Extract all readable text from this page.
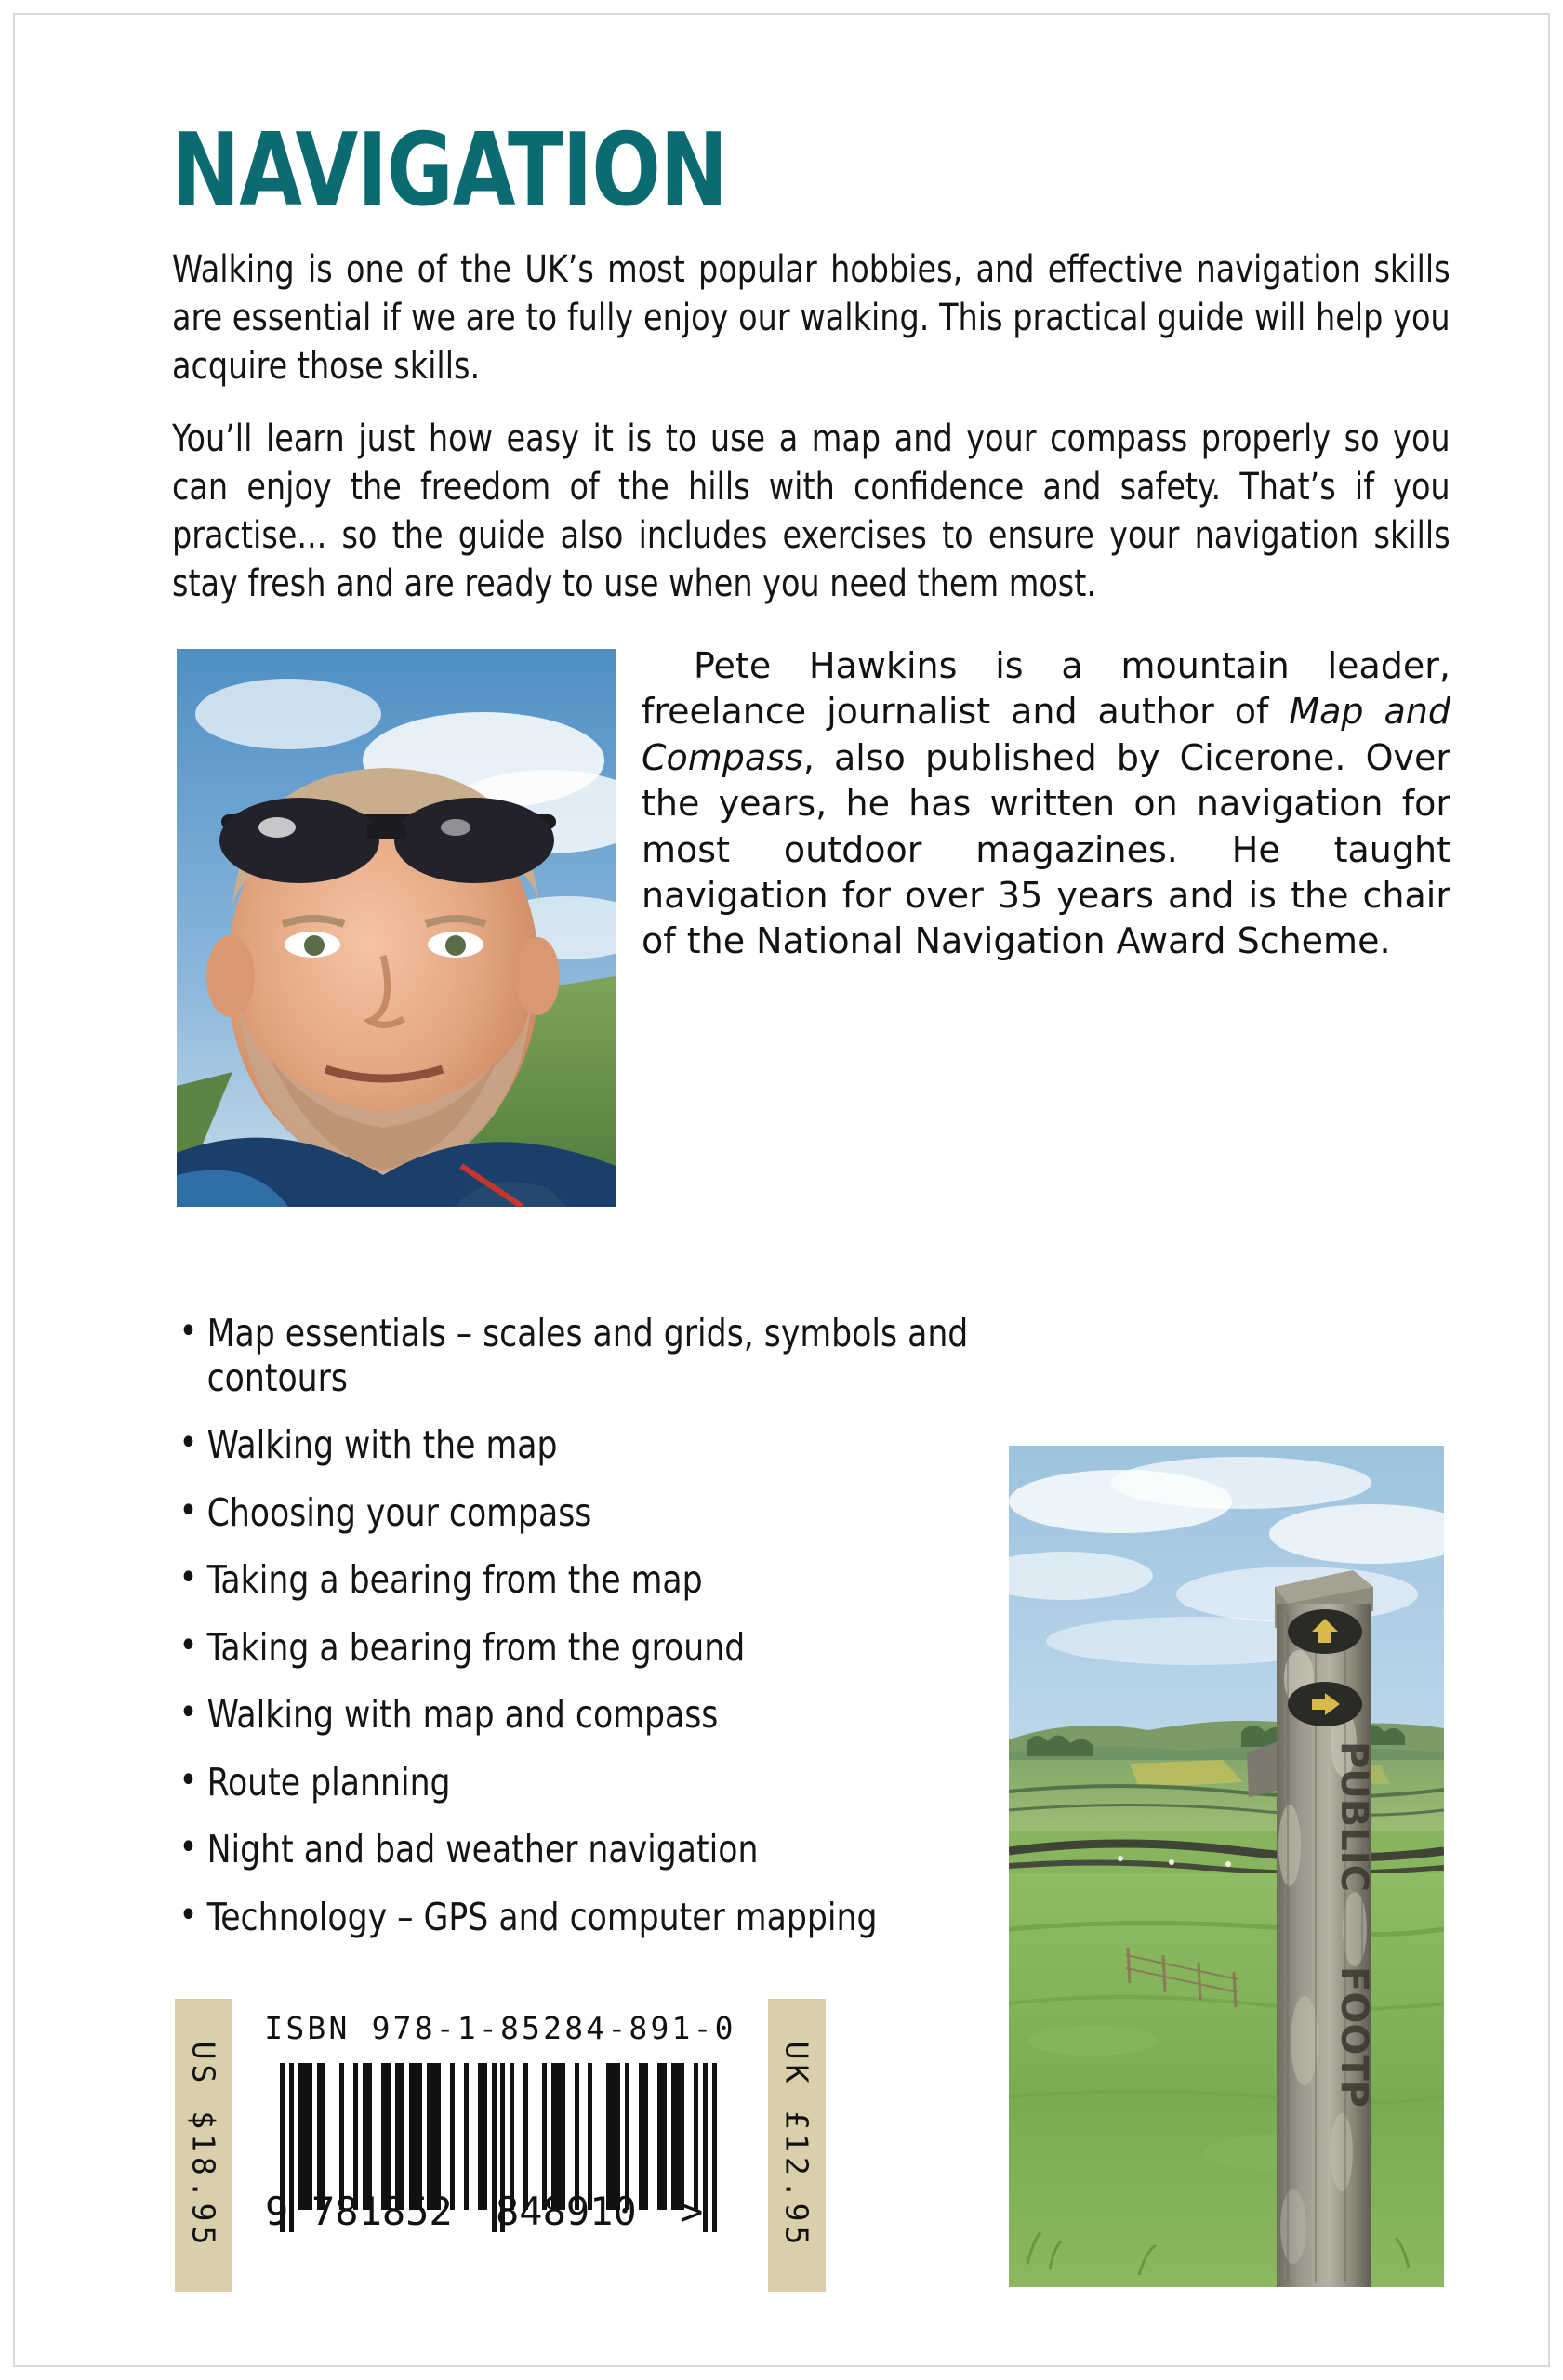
NAVIGATION

Walking is one of the UK’s most popular hobbies, and effective navigation skills are essential if we are to fully enjoy our walking. This practical guide will help you acquire those skills.

You’ll learn just how easy it is to use a map and your compass properly so you can enjoy the freedom of the hills with confidence and safety. That’s if you practise... so the guide also includes exercises to ensure your navigation skills stay fresh and are ready to use when you need them most.

Pete Hawkins is a mountain leader, freelance journalist and author of Map and Compass, also published by Cicerone. Over the years, he has written on navigation for most outdoor magazines. He taught navigation for over 35 years and is the chair of the National Navigation Award Scheme.

• Map essentials – scales and grids, symbols and contours
• Walking with the map
• Choosing your compass
• Taking a bearing from the map
• Taking a bearing from the ground
• Walking with map and compass
• Route planning
• Night and bad weather navigation
• Technology – GPS and computer mapping
PUBLIC
FOOTP
US $18.95	UK £12.95
ISBN 978-1-85284-891-0
9 781852 848910 >
